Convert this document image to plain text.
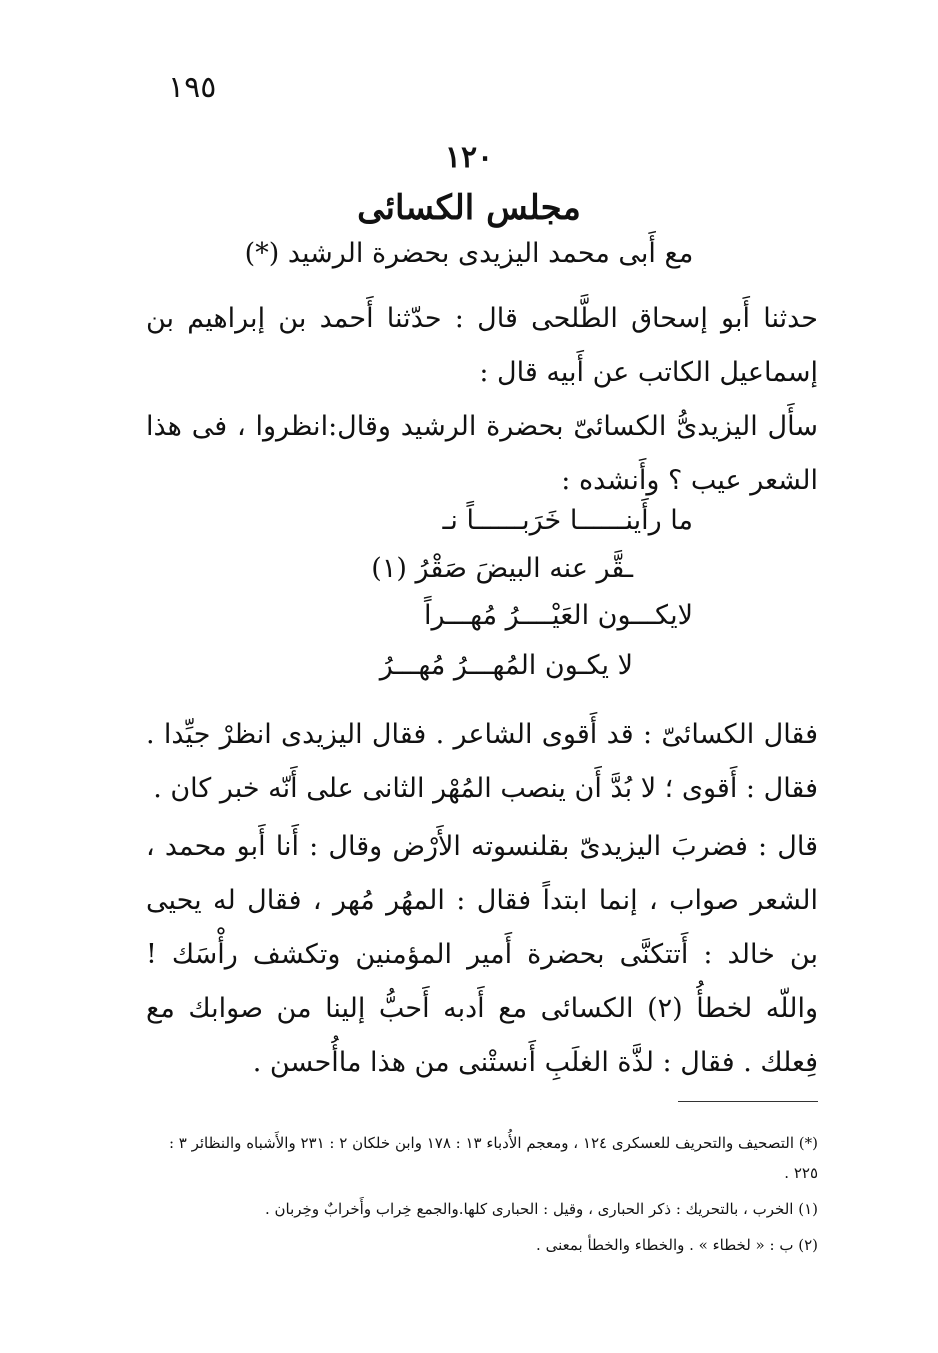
١٩٥
١٢٠
مجلس الكسائى
مع أَبى محمد اليزيدى بحضرة الرشيد (*)

حدثنا أَبو إسحاق الطَّلحى قال : حدّثنا أَحمد بن إبراهيم بن إسماعيل الكاتب عن أَبيه قال :

سأَل اليزيدىُّ الكسائىّ بحضرة الرشيد وقال:انظروا ، فى هذا الشعر عيب ؟ وأَنشده :

ما رأَينــــــا خَرَبــــــاً نـ
ـقَّر عنه البيضَ صَقْرُ (١)
لايكـــون العَيْــــرُ مُهـــراً
لا يكـون المُهـــرُ مُهـــرُ

فقال الكسائىّ : قد أَقوى الشاعر . فقال اليزيدى انظرْ جيِّدا . فقال : أَقوى ؛ لا بُدَّ أَن ينصب المُهْر الثانى على أَنّه خبر كان .

قال : فضربَ اليزيدىّ بقلنسوته الأَرْض وقال : أَنا أَبو محمد ، الشعر صواب ، إنما ابتداً فقال : المهُر مُهر ، فقال له يحيى بن خالد : أَتتكنَّى بحضرة أَمير المؤمنين وتكشف رأْسَك ! واللّه لخطأُ (٢) الكسائى مع أَدبه أَحبُّ إلينا من صوابك مع فِعلك . فقال : لذَّة الغلَبِ أَنستْنى من هذا ماأُحسن .

(*) التصحيف والتحريف للعسكرى ١٢٤ ، ومعجم الأُدباء ١٣ : ١٧٨ وابن خلكان ٢ : ٢٣١ والأَشباه والنظائر ٣ : ٢٢٥ .

(١) الخرب ، بالتحريك : ذكر الحبارى ، وقيل : الحبارى كلها.والجمع خِراب وأَخرابٌ وخِربان .

(٢) ب : « لخطاء » . والخطاء والخطأ بمعنى .
